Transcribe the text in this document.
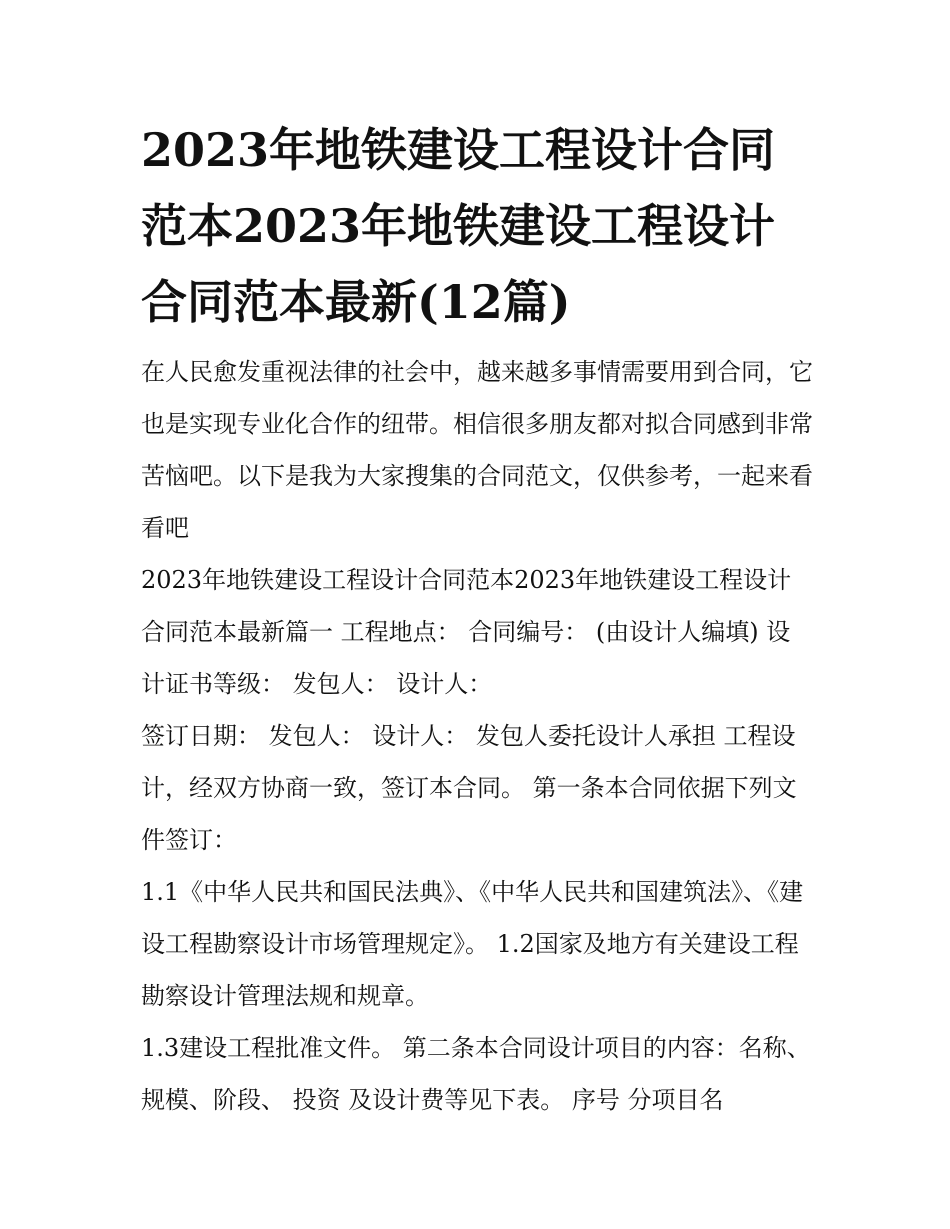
2023年地铁建设工程设计合同范本2023年地铁建设工程设计合同范本最新(12篇)

在人民愈发重视法律的社会中，越来越多事情需要用到合同，它也是实现专业化合作的纽带。相信很多朋友都对拟合同感到非常苦恼吧。以下是我为大家搜集的合同范文，仅供参考，一起来看看吧

2023年地铁建设工程设计合同范本2023年地铁建设工程设计合同范本最新篇一 工程地点： 合同编号： (由设计人编填) 设计证书等级： 发包人： 设计人：

签订日期： 发包人： 设计人： 发包人委托设计人承担 工程设计，经双方协商一致，签订本合同。 第一条本合同依据下列文件签订：

1.1《中华人民共和国民法典》、《中华人民共和国建筑法》、《建设工程勘察设计市场管理规定》。 1.2国家及地方有关建设工程勘察设计管理法规和规章。

1.3建设工程批准文件。 第二条本合同设计项目的内容：名称、规模、阶段、 投资 及设计费等见下表。 序号 分项目名
